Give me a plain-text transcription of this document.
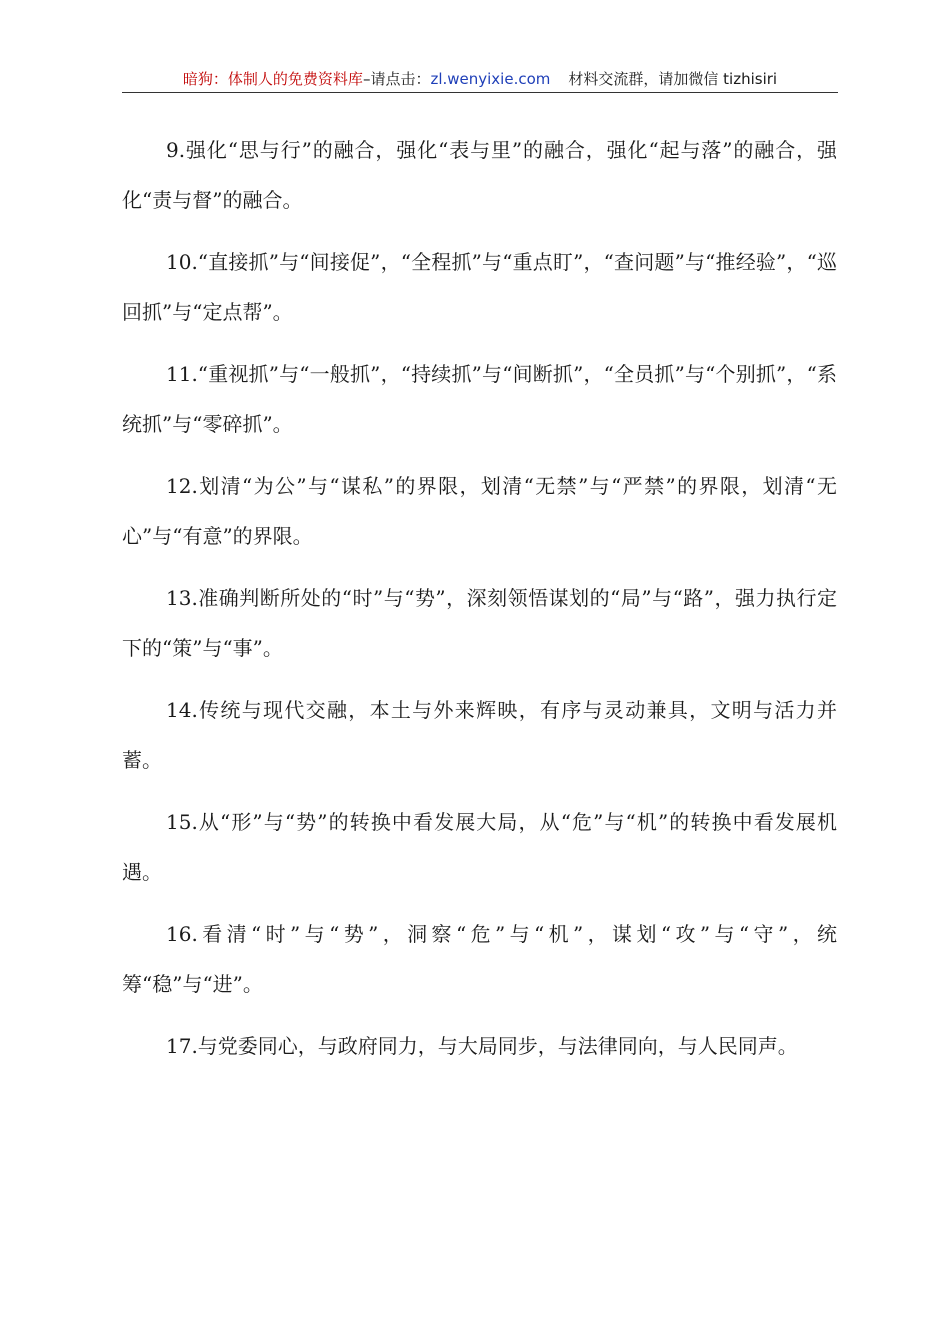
暗狗：体制人的免费资料库–请点击：zl.wenyixie.com 材料交流群，请加微信 tizhisiri

9.强化“思与行”的融合，强化“表与里”的融合，强化“起与落”的融合，强化“责与督”的融合。

10.“直接抓”与“间接促”，“全程抓”与“重点盯”，“查问题”与“推经验”，“巡回抓”与“定点帮”。

11.“重视抓”与“一般抓”，“持续抓”与“间断抓”，“全员抓”与“个别抓”，“系统抓”与“零碎抓”。

12.划清“为公”与“谋私”的界限，划清“无禁”与“严禁”的界限，划清“无心”与“有意”的界限。

13.准确判断所处的“时”与“势”，深刻领悟谋划的“局”与“路”，强力执行定下的“策”与“事”。

14.传统与现代交融，本土与外来辉映，有序与灵动兼具，文明与活力并蓄。

15.从“形”与“势”的转换中看发展大局，从“危”与“机”的转换中看发展机遇。

16.看清“时”与“势”，洞察“危”与“机”，谋划“攻”与“守”，统筹“稳”与“进”。

17.与党委同心，与政府同力，与大局同步，与法律同向，与人民同声。
